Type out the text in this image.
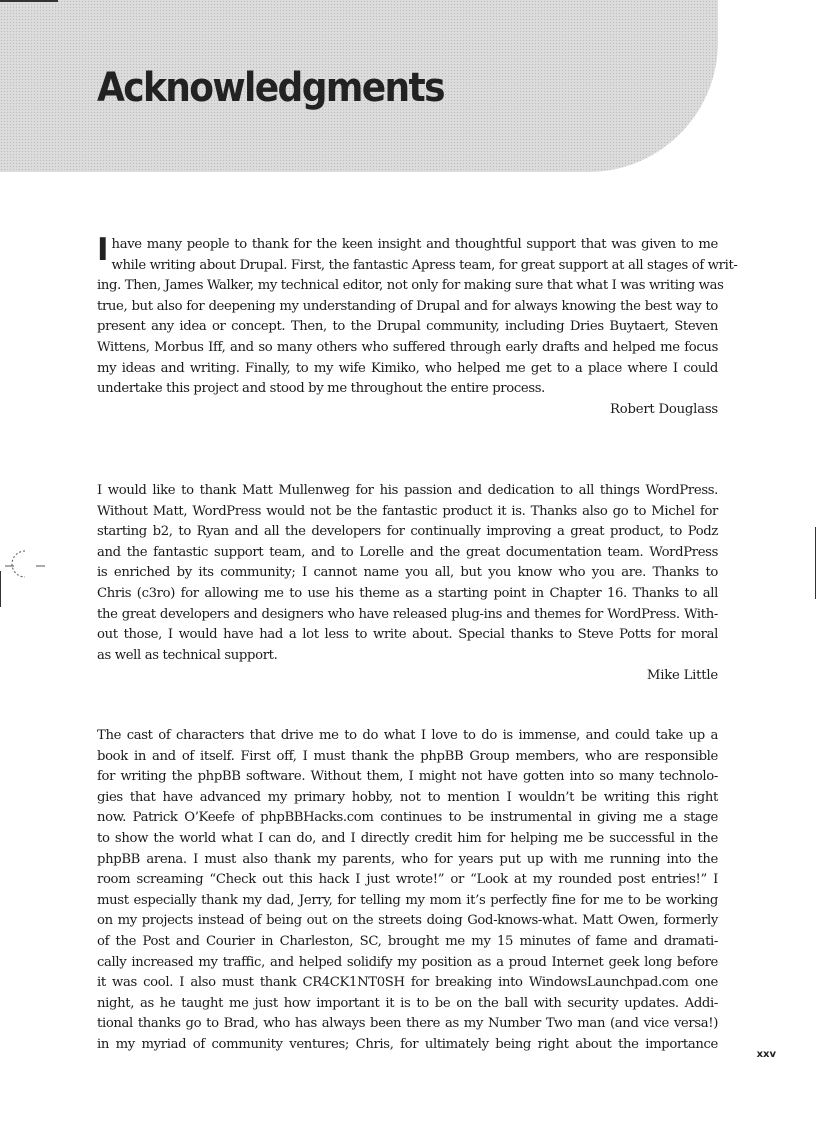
Acknowledgments
I have many people to thank for the keen insight and thoughtful support that was given to me
while writing about Drupal. First, the fantastic Apress team, for great support at all stages of writ-
ing. Then, James Walker, my technical editor, not only for making sure that what I was writing was
true, but also for deepening my understanding of Drupal and for always knowing the best way to
present any idea or concept. Then, to the Drupal community, including Dries Buytaert, Steven
Wittens, Morbus Iff, and so many others who suffered through early drafts and helped me focus
my ideas and writing. Finally, to my wife Kimiko, who helped me get to a place where I could
undertake this project and stood by me throughout the entire process.

Robert Douglass

I would like to thank Matt Mullenweg for his passion and dedication to all things WordPress.
Without Matt, WordPress would not be the fantastic product it is. Thanks also go to Michel for
starting b2, to Ryan and all the developers for continually improving a great product, to Podz
and the fantastic support team, and to Lorelle and the great documentation team. WordPress
is enriched by its community; I cannot name you all, but you know who you are. Thanks to
Chris (c3ro) for allowing me to use his theme as a starting point in Chapter 16. Thanks to all
the great developers and designers who have released plug-ins and themes for WordPress. With-
out those, I would have had a lot less to write about. Special thanks to Steve Potts for moral
as well as technical support.

Mike Little

The cast of characters that drive me to do what I love to do is immense, and could take up a
book in and of itself. First off, I must thank the phpBB Group members, who are responsible
for writing the phpBB software. Without them, I might not have gotten into so many technolo-
gies that have advanced my primary hobby, not to mention I wouldn’t be writing this right
now. Patrick O’Keefe of phpBBHacks.com continues to be instrumental in giving me a stage
to show the world what I can do, and I directly credit him for helping me be successful in the
phpBB arena. I must also thank my parents, who for years put up with me running into the
room screaming “Check out this hack I just wrote!” or “Look at my rounded post entries!” I
must especially thank my dad, Jerry, for telling my mom it’s perfectly fine for me to be working
on my projects instead of being out on the streets doing God-knows-what. Matt Owen, formerly
of the Post and Courier in Charleston, SC, brought me my 15 minutes of fame and dramati-
cally increased my traffic, and helped solidify my position as a proud Internet geek long before
it was cool. I also must thank CR4CK1NT0SH for breaking into WindowsLaunchpad.com one
night, as he taught me just how important it is to be on the ball with security updates. Addi-
tional thanks go to Brad, who has always been there as my Number Two man (and vice versa!)
in my myriad of community ventures; Chris, for ultimately being right about the importance

xxv
